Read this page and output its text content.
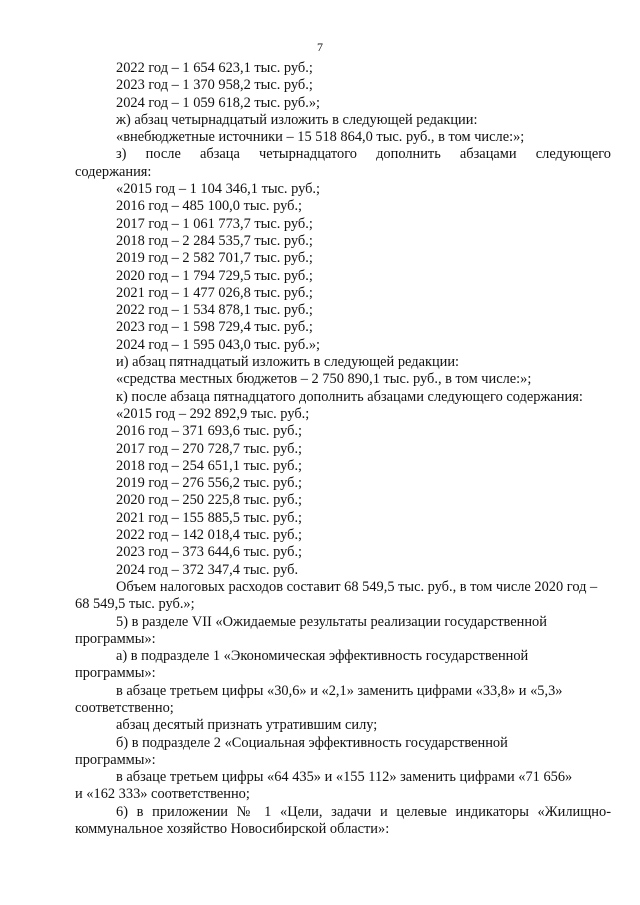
7
2022 год – 1 654 623,1 тыс. руб.;
2023 год – 1 370 958,2 тыс. руб.;
2024 год – 1 059 618,2 тыс. руб.»;
ж) абзац четырнадцатый изложить в следующей редакции:
«внебюджетные источники – 15 518 864,0 тыс. руб., в том числе:»;
з) после абзаца четырнадцатого дополнить абзацами следующего
содержания:
«2015 год – 1 104 346,1 тыс. руб.;
2016 год – 485 100,0 тыс. руб.;
2017 год – 1 061 773,7 тыс. руб.;
2018 год – 2 284 535,7 тыс. руб.;
2019 год – 2 582 701,7 тыс. руб.;
2020 год – 1 794 729,5 тыс. руб.;
2021 год – 1 477 026,8 тыс. руб.;
2022 год – 1 534 878,1 тыс. руб.;
2023 год – 1 598 729,4 тыс. руб.;
2024 год – 1 595 043,0 тыс. руб.»;
и) абзац пятнадцатый изложить в следующей редакции:
«средства местных бюджетов – 2 750 890,1 тыс. руб., в том числе:»;
к) после абзаца пятнадцатого дополнить абзацами следующего содержания:
«2015 год – 292 892,9 тыс. руб.;
2016 год – 371 693,6 тыс. руб.;
2017 год – 270 728,7 тыс. руб.;
2018 год – 254 651,1 тыс. руб.;
2019 год – 276 556,2 тыс. руб.;
2020 год – 250 225,8 тыс. руб.;
2021 год – 155 885,5 тыс. руб.;
2022 год – 142 018,4 тыс. руб.;
2023 год – 373 644,6 тыс. руб.;
2024 год – 372 347,4 тыс. руб.
Объем налоговых расходов составит 68 549,5 тыс. руб., в том числе 2020 год –
68 549,5 тыс. руб.»;
5) в разделе VII «Ожидаемые результаты реализации государственной
программы»:
а) в подразделе 1 «Экономическая эффективность государственной
программы»:
в абзаце третьем цифры «30,6» и «2,1» заменить цифрами «33,8» и «5,3»
соответственно;
абзац десятый признать утратившим силу;
б) в подразделе 2 «Социальная эффективность государственной
программы»:
в абзаце третьем цифры «64 435» и «155 112» заменить цифрами «71 656»
и «162 333» соответственно;
6) в приложении № 1 «Цели, задачи и целевые индикаторы «Жилищно-
коммунальное хозяйство Новосибирской области»:
